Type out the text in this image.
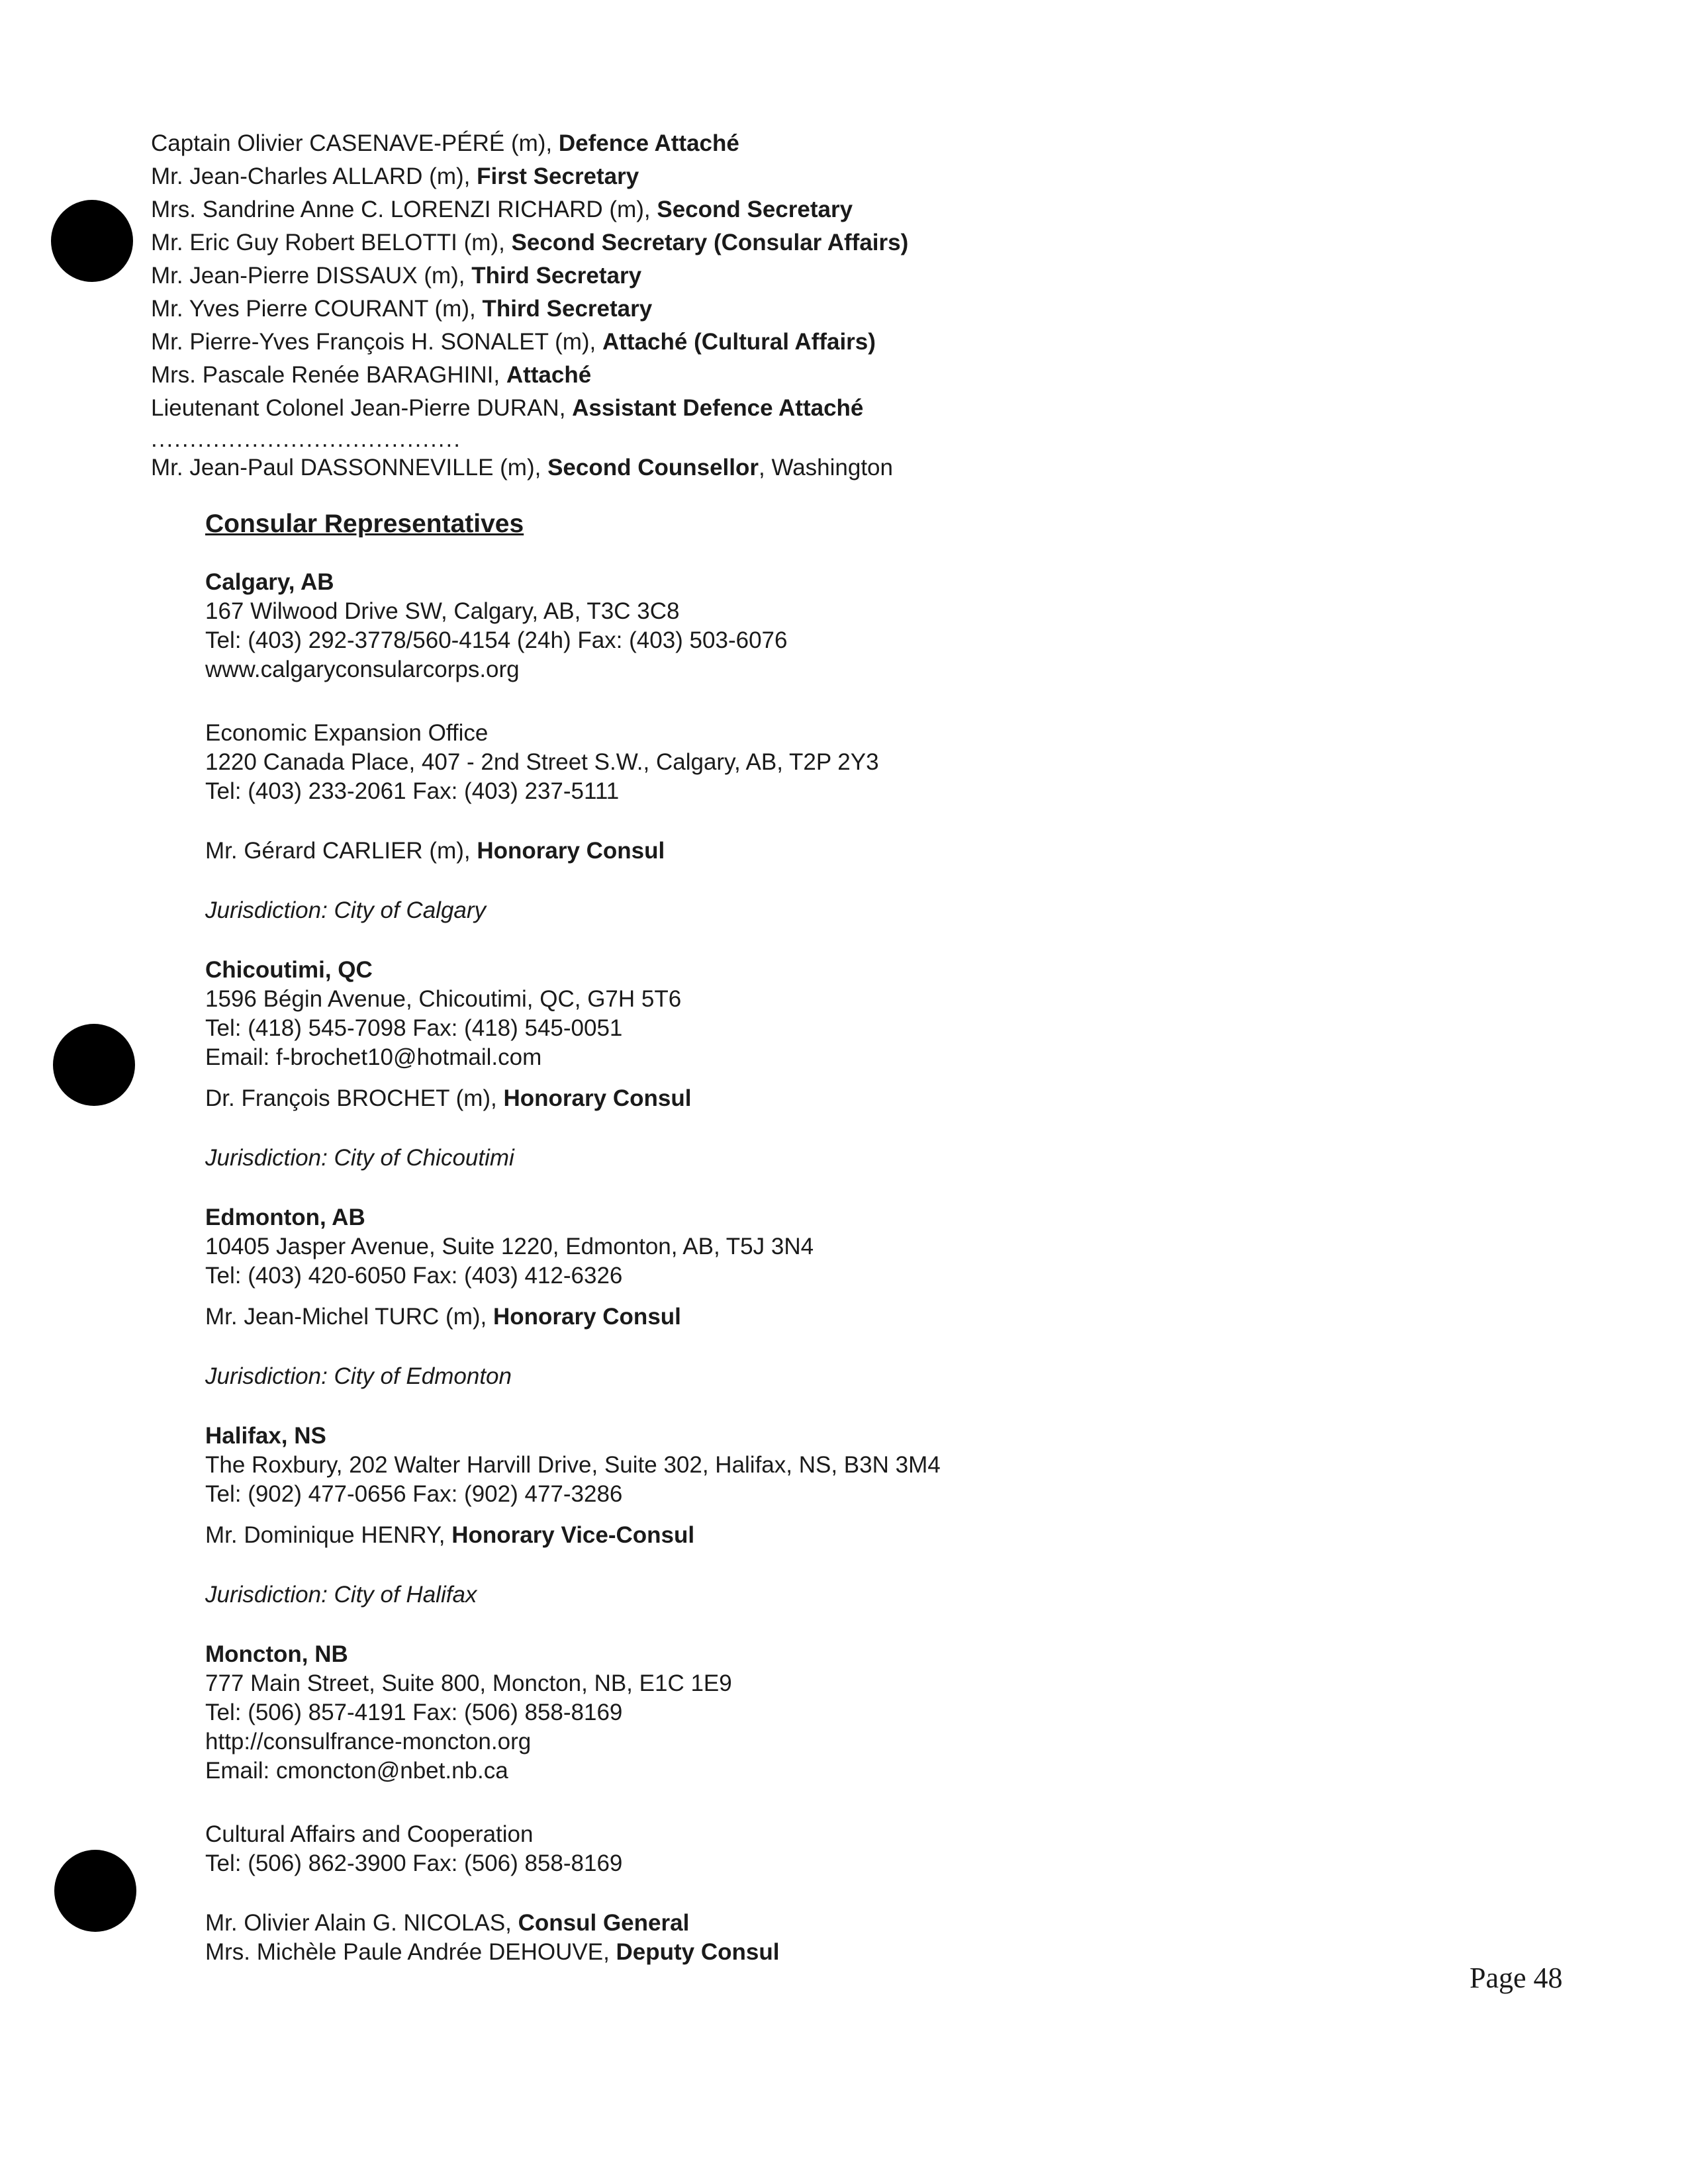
Captain Olivier CASENAVE-PÉRÉ (m), Defence Attaché
Mr. Jean-Charles ALLARD (m), First Secretary
Mrs. Sandrine Anne C. LORENZI RICHARD (m), Second Secretary
Mr. Eric Guy Robert BELOTTI (m), Second Secretary (Consular Affairs)
Mr. Jean-Pierre DISSAUX (m), Third Secretary
Mr. Yves Pierre COURANT (m), Third Secretary
Mr. Pierre-Yves François H. SONALET (m), Attaché (Cultural Affairs)
Mrs. Pascale Renée BARAGHINI, Attaché
Lieutenant Colonel Jean-Pierre DURAN, Assistant Defence Attaché
........................................
Mr. Jean-Paul DASSONNEVILLE (m), Second Counsellor, Washington
Consular Representatives
Calgary, AB
167 Wilwood Drive SW, Calgary, AB, T3C 3C8
Tel: (403) 292-3778/560-4154 (24h) Fax: (403) 503-6076
www.calgaryconsularcorps.org
Economic Expansion Office
1220 Canada Place, 407 - 2nd Street S.W., Calgary, AB, T2P 2Y3
Tel: (403) 233-2061 Fax: (403) 237-5111
Mr. Gérard CARLIER (m), Honorary Consul
Jurisdiction: City of Calgary
Chicoutimi, QC
1596 Bégin Avenue, Chicoutimi, QC, G7H 5T6
Tel: (418) 545-7098 Fax: (418) 545-0051
Email: f-brochet10@hotmail.com
Dr. François BROCHET (m), Honorary Consul
Jurisdiction: City of Chicoutimi
Edmonton, AB
10405 Jasper Avenue, Suite 1220, Edmonton, AB, T5J 3N4
Tel: (403) 420-6050 Fax: (403) 412-6326
Mr. Jean-Michel TURC (m), Honorary Consul
Jurisdiction: City of Edmonton
Halifax, NS
The Roxbury, 202 Walter Harvill Drive, Suite 302, Halifax, NS, B3N 3M4
Tel: (902) 477-0656 Fax: (902) 477-3286
Mr. Dominique HENRY, Honorary Vice-Consul
Jurisdiction: City of Halifax
Moncton, NB
777 Main Street, Suite 800, Moncton, NB, E1C 1E9
Tel: (506) 857-4191 Fax: (506) 858-8169
http://consulfrance-moncton.org
Email: cmoncton@nbet.nb.ca
Cultural Affairs and Cooperation
Tel: (506) 862-3900 Fax: (506) 858-8169
Mr. Olivier Alain G. NICOLAS, Consul General
Mrs. Michèle Paule Andrée DEHOUVE, Deputy Consul
Page 48
